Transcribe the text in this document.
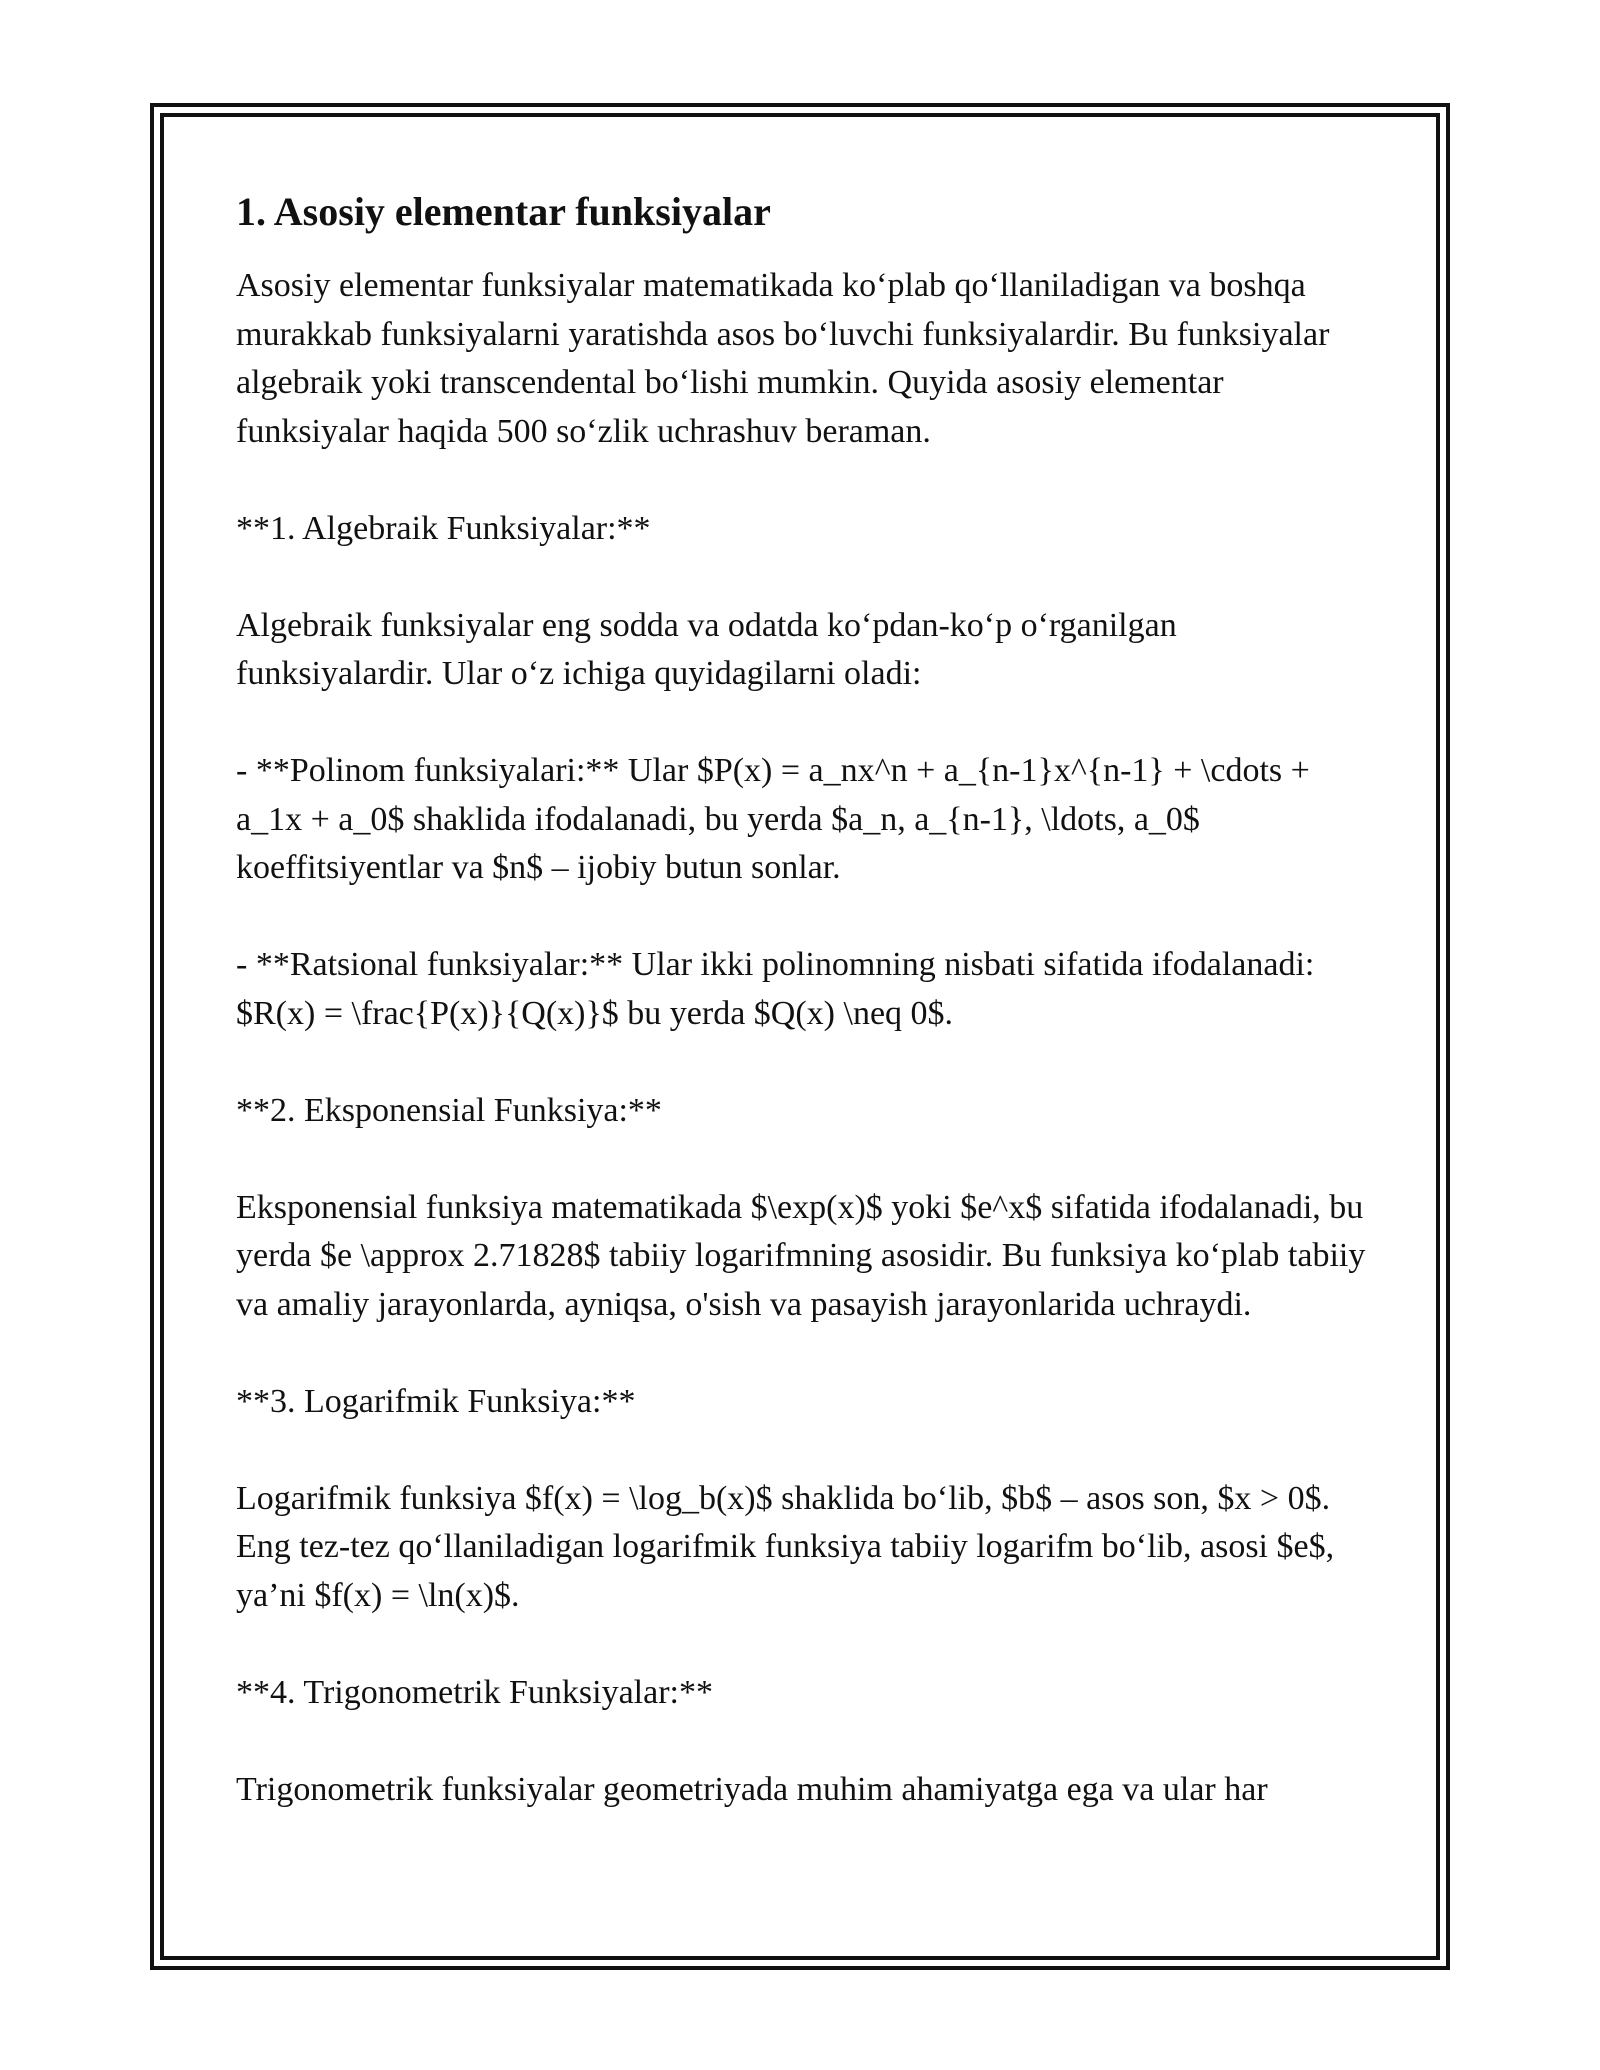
1. Asosiy elementar funksiyalar

Asosiy elementar funksiyalar matematikada ko‘plab qo‘llaniladigan va boshqa murakkab funksiyalarni yaratishda asos bo‘luvchi funksiyalardir. Bu funksiyalar algebraik yoki transcendental bo‘lishi mumkin. Quyida asosiy elementar funksiyalar haqida 500 so‘zlik uchrashuv beraman.

**1. Algebraik Funksiyalar:**

Algebraik funksiyalar eng sodda va odatda ko‘pdan-ko‘p o‘rganilgan funksiyalardir. Ular o‘z ichiga quyidagilarni oladi:

- **Polinom funksiyalari:** Ular $P(x) = a_nx^n + a_{n-1}x^{n-1} + \cdots + a_1x + a_0$ shaklida ifodalanadi, bu yerda $a_n, a_{n-1}, \ldots, a_0$ koeffitsiyentlar va $n$ – ijobiy butun sonlar.

- **Ratsional funksiyalar:** Ular ikki polinomning nisbati sifatida ifodalanadi: $R(x) = \frac{P(x)}{Q(x)}$ bu yerda $Q(x) \neq 0$.

**2. Eksponensial Funksiya:**

Eksponensial funksiya matematikada $\exp(x)$ yoki $e^x$ sifatida ifodalanadi, bu yerda $e \approx 2.71828$ tabiiy logarifmning asosidir. Bu funksiya ko‘plab tabiiy va amaliy jarayonlarda, ayniqsa, o'sish va pasayish jarayonlarida uchraydi.

**3. Logarifmik Funksiya:**

Logarifmik funksiya $f(x) = \log_b(x)$ shaklida bo‘lib, $b$ – asos son, $x > 0$. Eng tez-tez qo‘llaniladigan logarifmik funksiya tabiiy logarifm bo‘lib, asosi $e$, ya’ni $f(x) = \ln(x)$.

**4. Trigonometrik Funksiyalar:**

Trigonometrik funksiyalar geometriyada muhim ahamiyatga ega va ular har
